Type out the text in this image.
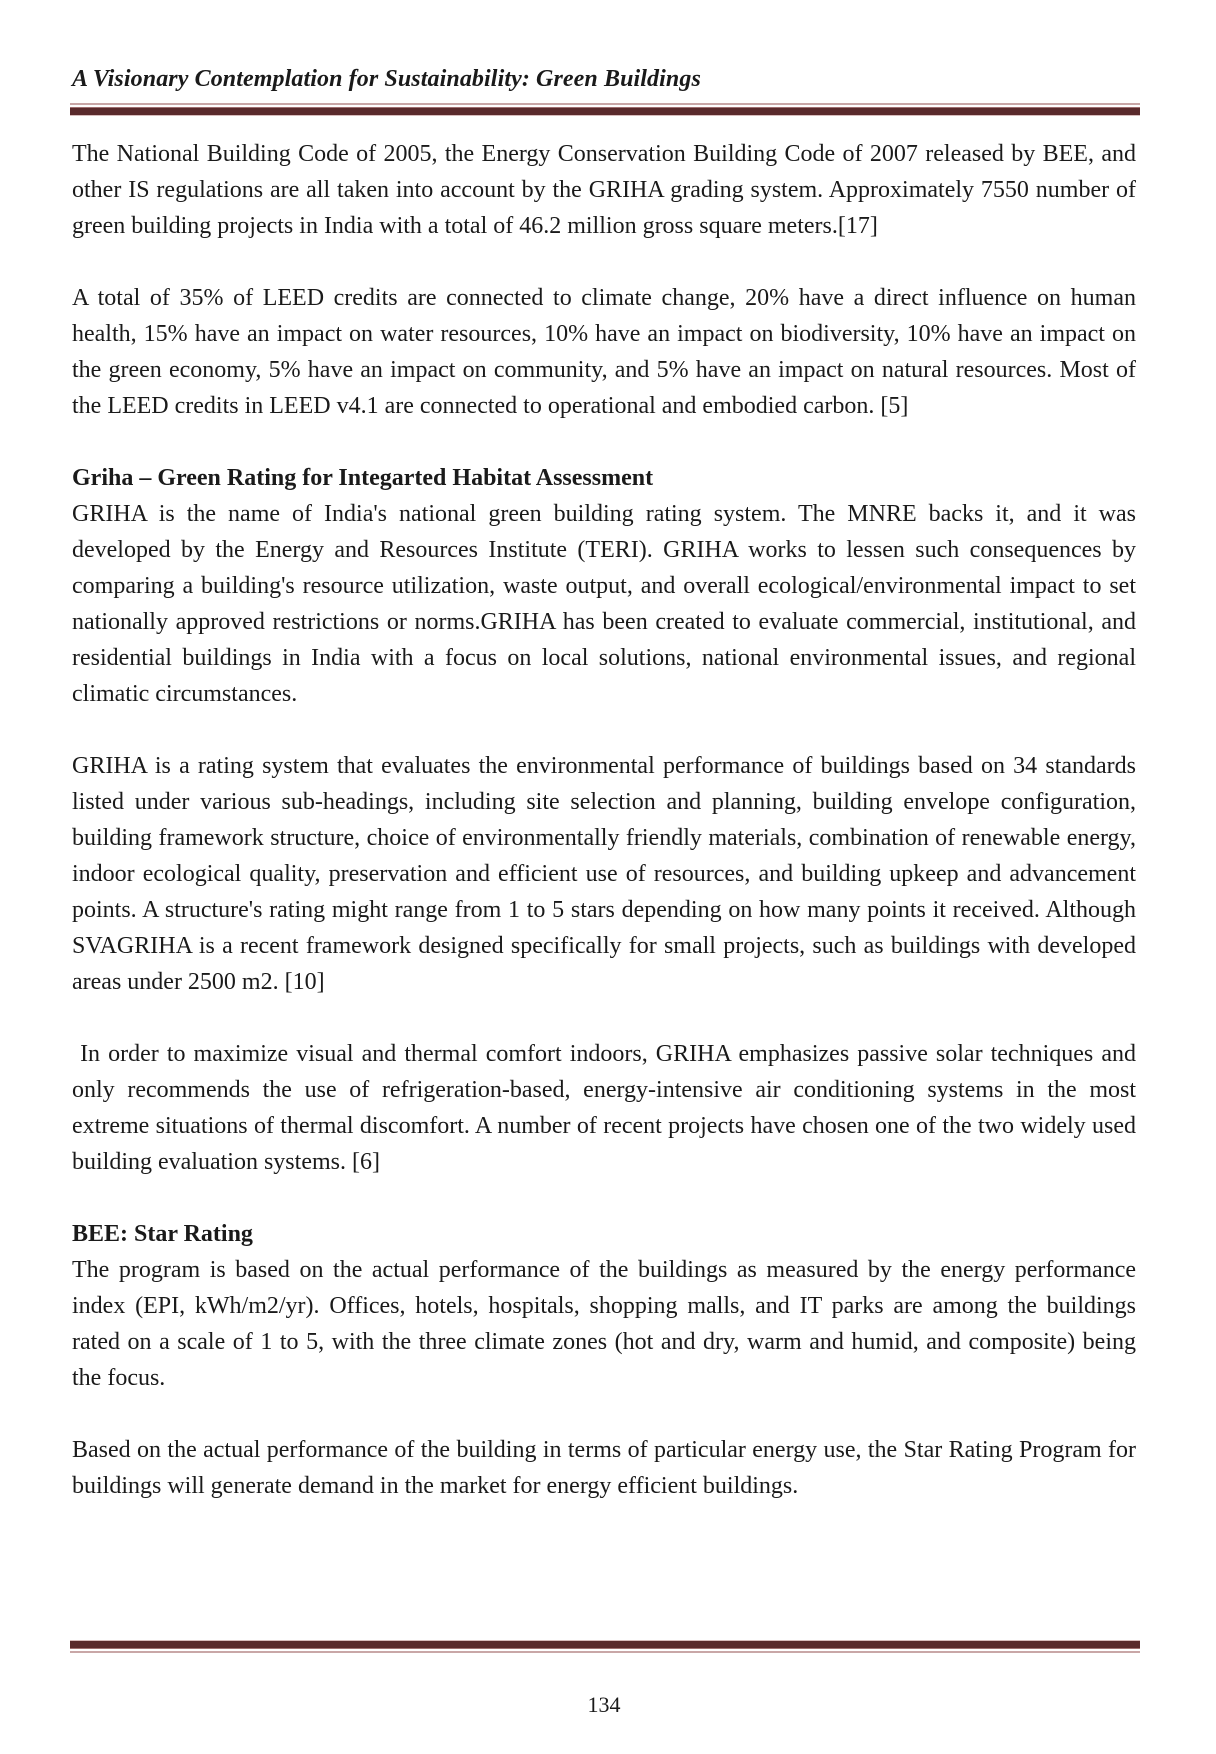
A Visionary Contemplation for Sustainability: Green Buildings

The National Building Code of 2005, the Energy Conservation Building Code of 2007 released by BEE, and other IS regulations are all taken into account by the GRIHA grading system. Approximately 7550 number of green building projects in India with a total of 46.2 million gross square meters.[17]

A total of 35% of LEED credits are connected to climate change, 20% have a direct influence on human health, 15% have an impact on water resources, 10% have an impact on biodiversity, 10% have an impact on the green economy, 5% have an impact on community, and 5% have an impact on natural resources. Most of the LEED credits in LEED v4.1 are connected to operational and embodied carbon. [5]

Griha – Green Rating for Integarted Habitat Assessment

GRIHA is the name of India's national green building rating system. The MNRE backs it, and it was developed by the Energy and Resources Institute (TERI). GRIHA works to lessen such consequences by comparing a building's resource utilization, waste output, and overall ecological/environmental impact to set nationally approved restrictions or norms.GRIHA has been created to evaluate commercial, institutional, and residential buildings in India with a focus on local solutions, national environmental issues, and regional climatic circumstances.

GRIHA is a rating system that evaluates the environmental performance of buildings based on 34 standards listed under various sub-headings, including site selection and planning, building envelope configuration, building framework structure, choice of environmentally friendly materials, combination of renewable energy, indoor ecological quality, preservation and efficient use of resources, and building upkeep and advancement points. A structure's rating might range from 1 to 5 stars depending on how many points it received. Although SVAGRIHA is a recent framework designed specifically for small projects, such as buildings with developed areas under 2500 m2. [10]

In order to maximize visual and thermal comfort indoors, GRIHA emphasizes passive solar techniques and only recommends the use of refrigeration-based, energy-intensive air conditioning systems in the most extreme situations of thermal discomfort. A number of recent projects have chosen one of the two widely used building evaluation systems. [6]

BEE: Star Rating

The program is based on the actual performance of the buildings as measured by the energy performance index (EPI, kWh/m2/yr). Offices, hotels, hospitals, shopping malls, and IT parks are among the buildings rated on a scale of 1 to 5, with the three climate zones (hot and dry, warm and humid, and composite) being the focus.

Based on the actual performance of the building in terms of particular energy use, the Star Rating Program for buildings will generate demand in the market for energy efficient buildings.

134
